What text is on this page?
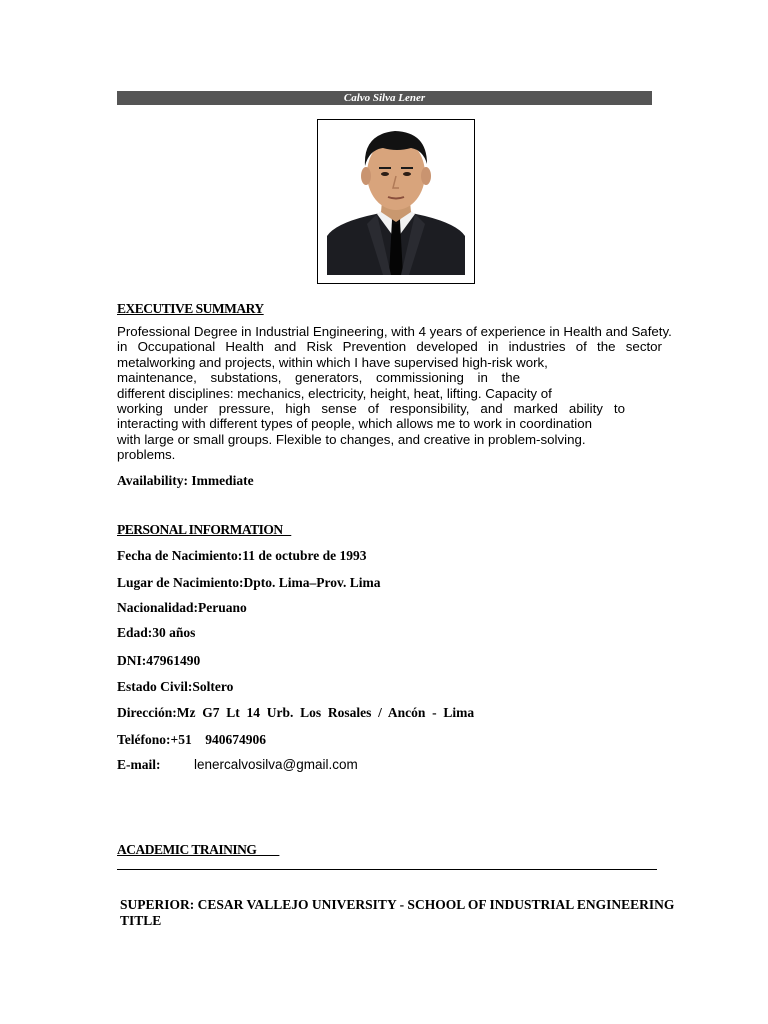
Calvo Silva Lener
EXECUTIVE SUMMARY
Professional Degree in Industrial Engineering, with 4 years of experience in Health and Safety.
in Occupational Health and Risk Prevention developed in industries of the sector
metalworking and projects, within which I have supervised high-risk work,
maintenance, substations, generators, commissioning in the
different disciplines: mechanics, electricity, height, heat, lifting. Capacity of
working under pressure, high sense of responsibility, and marked ability to
interacting with different types of people, which allows me to work in coordination
with large or small groups. Flexible to changes, and creative in problem-solving.
problems.
Availability: Immediate
PERSONAL INFORMATION
Fecha de Nacimiento:11 de octubre de 1993
Lugar de Nacimiento:Dpto. Lima–Prov. Lima
Nacionalidad:Peruano
Edad:30 años
DNI:47961490
Estado Civil:Soltero
Dirección:Mz  G7  Lt  14  Urb.  Los  Rosales  /  Ancón  -  Lima
Teléfono:+51    940674906
E-mail: lenercalvosilva@gmail.com
ACADEMIC TRAINING
SUPERIOR: CESAR VALLEJO UNIVERSITY - SCHOOL OF INDUSTRIAL ENGINEERING
TITLE
